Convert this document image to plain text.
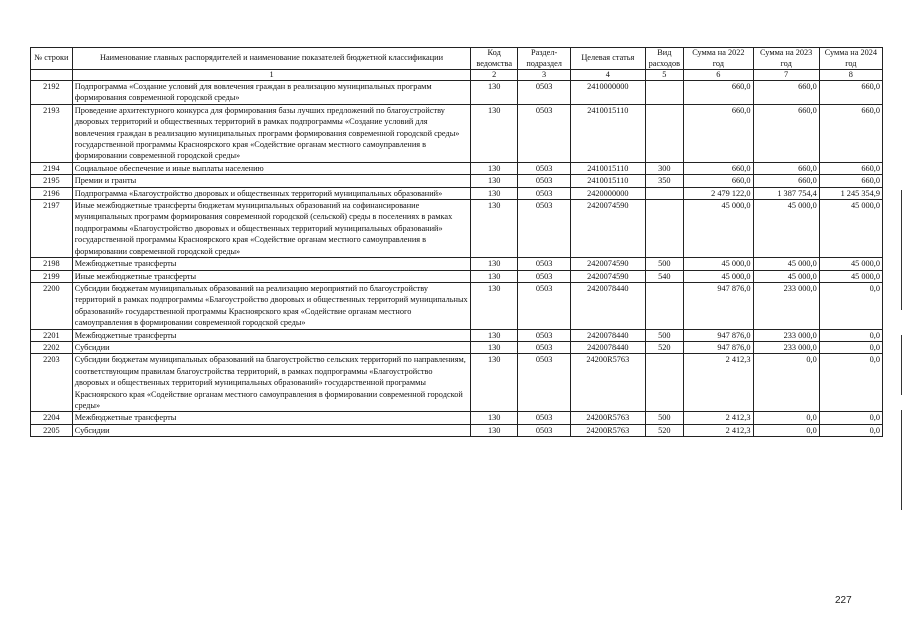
№ строки	Наименование главных распорядителей и наименование показателей бюджетной классификации	Код ведомства	Раздел-подраздел	Целевая статья	Вид расходов	Сумма на 2022 год	Сумма на 2023 год	Сумма на 2024 год
	1	2	3	4	5	6	7	8
2192	Подпрограмма «Создание условий для вовлечения граждан в реализацию муниципальных программ формирования современной городской среды»	130	0503	2410000000		660,0	660,0	660,0
2193	Проведение архитектурного конкурса для формирования базы лучших предложений по благоустройству дворовых территорий и общественных территорий в рамках подпрограммы «Создание условий для вовлечения граждан в реализацию муниципальных программ формирования современной городской среды» государственной программы Красноярского края «Содействие органам местного самоуправления в формировании современной городской среды»	130	0503	2410015110		660,0	660,0	660,0
2194	Социальное обеспечение и иные выплаты населению	130	0503	2410015110	300	660,0	660,0	660,0
2195	Премии и гранты	130	0503	2410015110	350	660,0	660,0	660,0
2196	Подпрограмма «Благоустройство дворовых и общественных территорий муниципальных образований»	130	0503	2420000000		2 479 122,0	1 387 754,4	1 245 354,9
2197	Иные межбюджетные трансферты бюджетам муниципальных образований на софинансирование муниципальных программ формирования современной городской (сельской) среды в поселениях в рамках подпрограммы «Благоустройство дворовых и общественных территорий муниципальных образований» государственной программы Красноярского края «Содействие органам местного самоуправления в формировании современной городской среды»	130	0503	2420074590		45 000,0	45 000,0	45 000,0
2198	Межбюджетные трансферты	130	0503	2420074590	500	45 000,0	45 000,0	45 000,0
2199	Иные межбюджетные трансферты	130	0503	2420074590	540	45 000,0	45 000,0	45 000,0
2200	Субсидии бюджетам муниципальных образований на реализацию мероприятий по благоустройству территорий в рамках подпрограммы «Благоустройство дворовых и общественных территорий муниципальных образований» государственной программы Красноярского края «Содействие органам местного самоуправления в формировании современной городской среды»	130	0503	2420078440		947 876,0	233 000,0	0,0
2201	Межбюджетные трансферты	130	0503	2420078440	500	947 876,0	233 000,0	0,0
2202	Субсидии	130	0503	2420078440	520	947 876,0	233 000,0	0,0
2203	Субсидии бюджетам муниципальных образований на благоустройство сельских территорий по направлениям, соответствующим правилам благоустройства территорий, в рамках подпрограммы «Благоустройство дворовых и общественных территорий муниципальных образований» государственной программы Красноярского края «Содействие органам местного самоуправления в формировании современной городской среды»	130	0503	24200R5763		2 412,3	0,0	0,0
2204	Межбюджетные трансферты	130	0503	24200R5763	500	2 412,3	0,0	0,0
2205	Субсидии	130	0503	24200R5763	520	2 412,3	0,0	0,0
227
